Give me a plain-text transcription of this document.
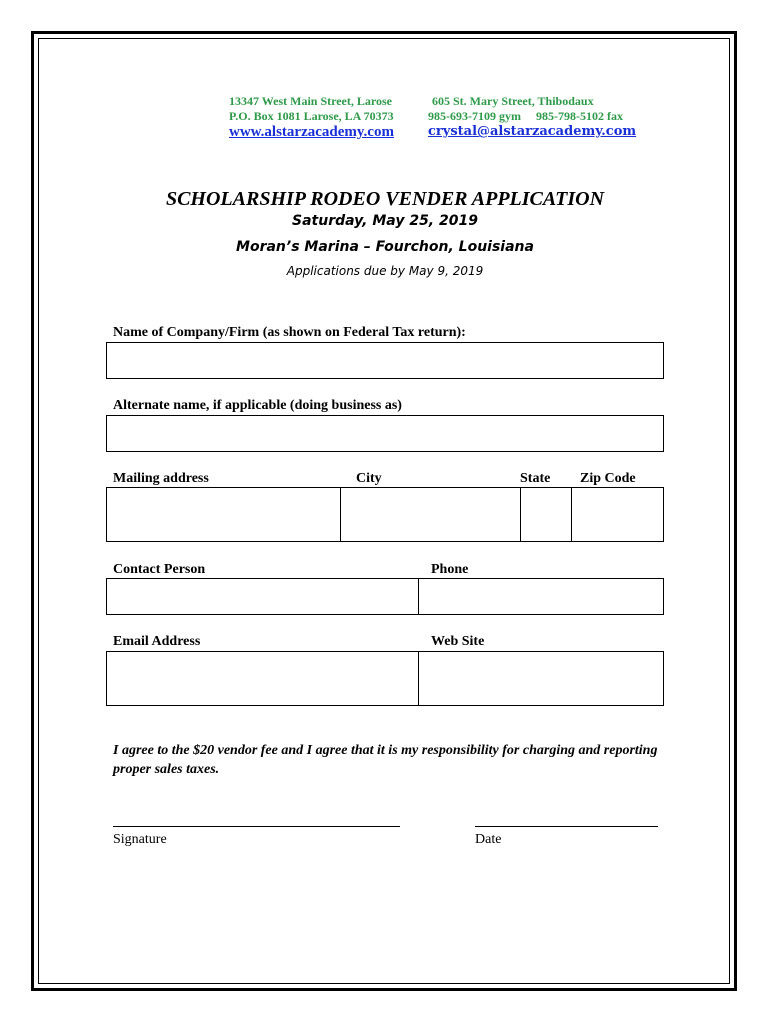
13347 West Main Street, Larose
P.O. Box 1081 Larose, LA 70373
605 St. Mary Street, Thibodaux
985-693-7109 gym     985-798-5102 fax
www.alstarzacademy.com	crystal@alstarzacademy.com
SCHOLARSHIP RODEO VENDER APPLICATION
Saturday, May 25, 2019
Moran’s Marina – Fourchon, Louisiana
Applications due by May 9, 2019
Name of Company/Firm (as shown on Federal Tax return):
Alternate name, if applicable (doing business as)
Mailing address	City	State Zip Code
Contact Person	Phone
Email Address	Web Site
I agree to the $20 vendor fee and I agree that it is my responsibility for charging and reporting proper sales taxes.
Signature	Date
